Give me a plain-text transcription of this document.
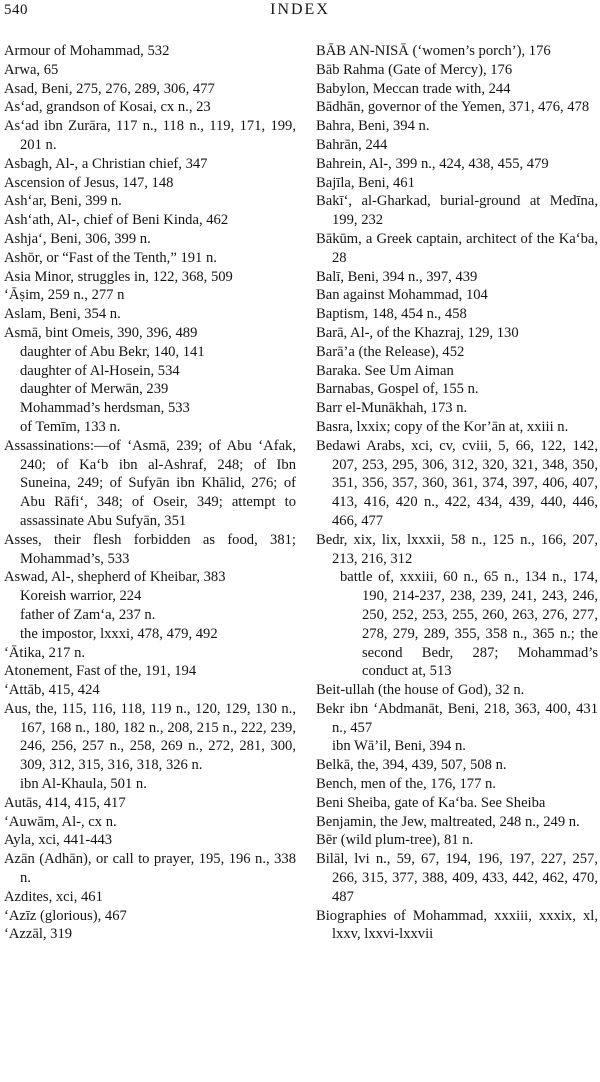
540	INDEX

Armour of Mohammad, 532

Arwa, 65

Asad, Beni, 275, 276, 289, 306, 477

As‘ad, grandson of Kosai, cx n., 23

As‘ad ibn Zurāra, 117 n., 118 n., 119, 171, 199, 201 n.

Asbagh, Al-, a Christian chief, 347

Ascension of Jesus, 147, 148

Ash‘ar, Beni, 399 n.

Ash‘ath, Al-, chief of Beni Kinda, 462

Ashja‘, Beni, 306, 399 n.

Ashōr, or “Fast of the Tenth,” 191 n.

Asia Minor, struggles in, 122, 368, 509

‘Āṣim, 259 n., 277 n

Aslam, Beni, 354 n.

Asmā, bint Omeis, 390, 396, 489

daughter of Abu Bekr, 140, 141

daughter of Al-Hosein, 534

daughter of Merwān, 239

Mohammad’s herdsman, 533

of Temīm, 133 n.

Assassinations:—of ‘Asmā, 239; of Abu ‘Afak, 240; of Ka‘b ibn al-Ashraf, 248; of Ibn Suneina, 249; of Sufyān ibn Khālid, 276; of Abu Rāfi‘, 348; of Oseir, 349; attempt to assassinate Abu Sufyān, 351

Asses, their flesh forbidden as food, 381; Mohammad’s, 533

Aswad, Al-, shepherd of Kheibar, 383

Koreish warrior, 224

father of Zam‘a, 237 n.

the impostor, lxxxi, 478, 479, 492

‘Ātika, 217 n.

Atonement, Fast of the, 191, 194

‘Attāb, 415, 424

Aus, the, 115, 116, 118, 119 n., 120, 129, 130 n., 167, 168 n., 180, 182 n., 208, 215 n., 222, 239, 246, 256, 257 n., 258, 269 n., 272, 281, 300, 309, 312, 315, 316, 318, 326 n.

ibn Al-Khaula, 501 n.

Autās, 414, 415, 417

‘Auwām, Al-, cx n.

Ayla, xci, 441-443

Azān (Adhān), or call to prayer, 195, 196 n., 338 n.

Azdites, xci, 461

‘Azīz (glorious), 467

‘Azzāl, 319

BĀB AN-NISĀ (‘women’s porch’), 176

Bāb Rahma (Gate of Mercy), 176

Babylon, Meccan trade with, 244

Bādhān, governor of the Yemen, 371, 476, 478

Bahra, Beni, 394 n.

Bahrān, 244

Bahrein, Al-, 399 n., 424, 438, 455, 479

Bajīla, Beni, 461

Bakī‘, al-Gharkad, burial-ground at Medīna, 199, 232

Bākūm, a Greek captain, architect of the Ka‘ba, 28

Balī, Beni, 394 n., 397, 439

Ban against Mohammad, 104

Baptism, 148, 454 n., 458

Barā, Al-, of the Khazraj, 129, 130

Barā’a (the Release), 452

Baraka. See Um Aiman

Barnabas, Gospel of, 155 n.

Barr el-Munākhah, 173 n.

Basra, lxxix; copy of the Kor’ān at, xxiii n.

Bedawi Arabs, xci, cv, cviii, 5, 66, 122, 142, 207, 253, 295, 306, 312, 320, 321, 348, 350, 351, 356, 357, 360, 361, 374, 397, 406, 407, 413, 416, 420 n., 422, 434, 439, 440, 446, 466, 477

Bedr, xix, lix, lxxxii, 58 n., 125 n., 166, 207, 213, 216, 312

battle of, xxxiii, 60 n., 65 n., 134 n., 174, 190, 214-237, 238, 239, 241, 243, 246, 250, 252, 253, 255, 260, 263, 276, 277, 278, 279, 289, 355, 358 n., 365 n.; the second Bedr, 287; Mohammad’s conduct at, 513

Beit-ullah (the house of God), 32 n.

Bekr ibn ‘Abdmanāt, Beni, 218, 363, 400, 431 n., 457

ibn Wā’il, Beni, 394 n.

Belkā, the, 394, 439, 507, 508 n.

Bench, men of the, 176, 177 n.

Beni Sheiba, gate of Ka‘ba. See Sheiba

Benjamin, the Jew, maltreated, 248 n., 249 n.

Bēr (wild plum-tree), 81 n.

Bilāl, lvi n., 59, 67, 194, 196, 197, 227, 257, 266, 315, 377, 388, 409, 433, 442, 462, 470, 487

Biographies of Mohammad, xxxiii, xxxix, xl, lxxv, lxxvi-lxxvii
